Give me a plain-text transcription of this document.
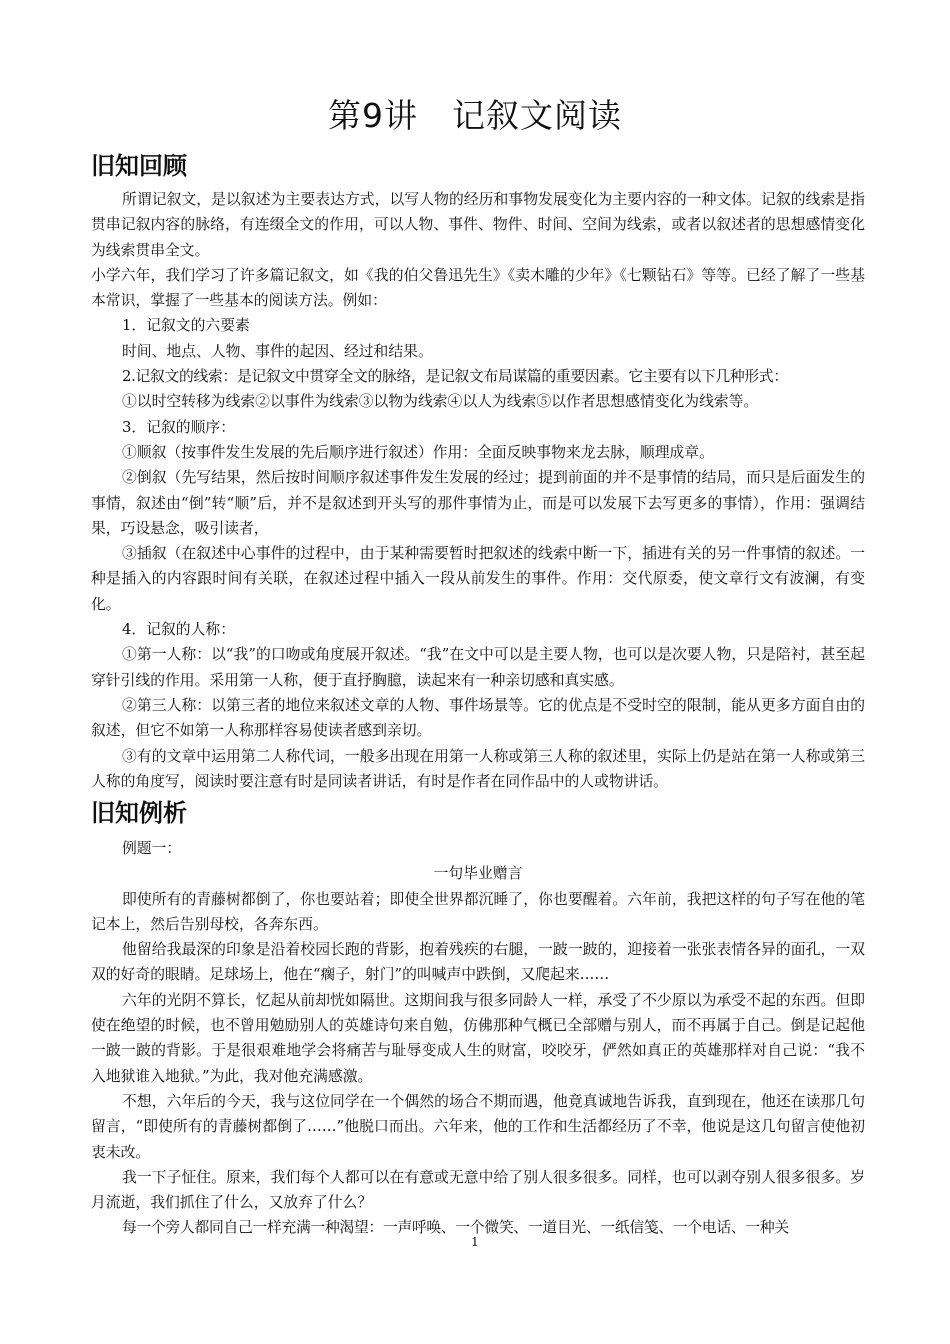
第9讲 记叙文阅读
旧知回顾

所谓记叙文，是以叙述为主要表达方式，以写人物的经历和事物发展变化为主要内容的一种文体。记叙的线索是指贯串记叙内容的脉络，有连缀全文的作用，可以人物、事件、物件、时间、空间为线索，或者以叙述者的思想感情变化为线索贯串全文。

小学六年，我们学习了许多篇记叙文，如《我的伯父鲁迅先生》《卖木雕的少年》《七颗钻石》等等。已经了解了一些基本常识，掌握了一些基本的阅读方法。例如：

1．记叙文的六要素

时间、地点、人物、事件的起因、经过和结果。

2.记叙文的线索：是记叙文中贯穿全文的脉络，是记叙文布局谋篇的重要因素。它主要有以下几种形式：

①以时空转移为线索②以事件为线索③以物为线索④以人为线索⑤以作者思想感情变化为线索等。

3．记叙的顺序：

①顺叙（按事件发生发展的先后顺序进行叙述）作用：全面反映事物来龙去脉，顺理成章。

②倒叙（先写结果，然后按时间顺序叙述事件发生发展的经过；提到前面的并不是事情的结局，而只是后面发生的事情，叙述由“倒”转“顺”后，并不是叙述到开头写的那件事情为止，而是可以发展下去写更多的事情），作用：强调结果，巧设悬念，吸引读者，

③插叙（在叙述中心事件的过程中，由于某种需要暂时把叙述的线索中断一下，插进有关的另一件事情的叙述。一种是插入的内容跟时间有关联，在叙述过程中插入一段从前发生的事件。作用：交代原委，使文章行文有波澜，有变化。

4．记叙的人称：

①第一人称：以“我”的口吻或角度展开叙述。“我”在文中可以是主要人物，也可以是次要人物，只是陪衬，甚至起穿针引线的作用。采用第一人称，便于直抒胸臆，读起来有一种亲切感和真实感。

②第三人称：以第三者的地位来叙述文章的人物、事件场景等。它的优点是不受时空的限制，能从更多方面自由的叙述，但它不如第一人称那样容易使读者感到亲切。

③有的文章中运用第二人称代词，一般多出现在用第一人称或第三人称的叙述里，实际上仍是站在第一人称或第三人称的角度写，阅读时要注意有时是同读者讲话，有时是作者在同作品中的人或物讲话。

旧知例析

例题一：

一句毕业赠言

即使所有的青藤树都倒了，你也要站着；即使全世界都沉睡了，你也要醒着。六年前，我把这样的句子写在他的笔记本上，然后告别母校，各奔东西。

他留给我最深的印象是沿着校园长跑的背影，抱着残疾的右腿，一跛一跛的，迎接着一张张表情各异的面孔，一双双的好奇的眼睛。足球场上，他在“瘸子，射门”的叫喊声中跌倒，又爬起来……

六年的光阴不算长，忆起从前却恍如隔世。这期间我与很多同龄人一样，承受了不少原以为承受不起的东西。但即使在绝望的时候，也不曾用勉励别人的英雄诗句来自勉，仿佛那种气概已全部赠与别人，而不再属于自己。倒是记起他一跛一跛的背影。于是很艰难地学会将痛苦与耻辱变成人生的财富，咬咬牙，俨然如真正的英雄那样对自己说：“我不入地狱谁入地狱。”为此，我对他充满感激。

不想，六年后的今天，我与这位同学在一个偶然的场合不期而遇，他竟真诚地告诉我，直到现在，他还在读那几句留言，“即使所有的青藤树都倒了……”他脱口而出。六年来，他的工作和生活都经历了不幸，他说是这几句留言使他初衷未改。

我一下子怔住。原来，我们每个人都可以在有意或无意中给了别人很多很多。同样，也可以剥夺别人很多很多。岁月流逝，我们抓住了什么，又放弃了什么？

每一个旁人都同自己一样充满一种渴望：一声呼唤、一个微笑、一道目光、一纸信笺、一个电话、一种关

1
